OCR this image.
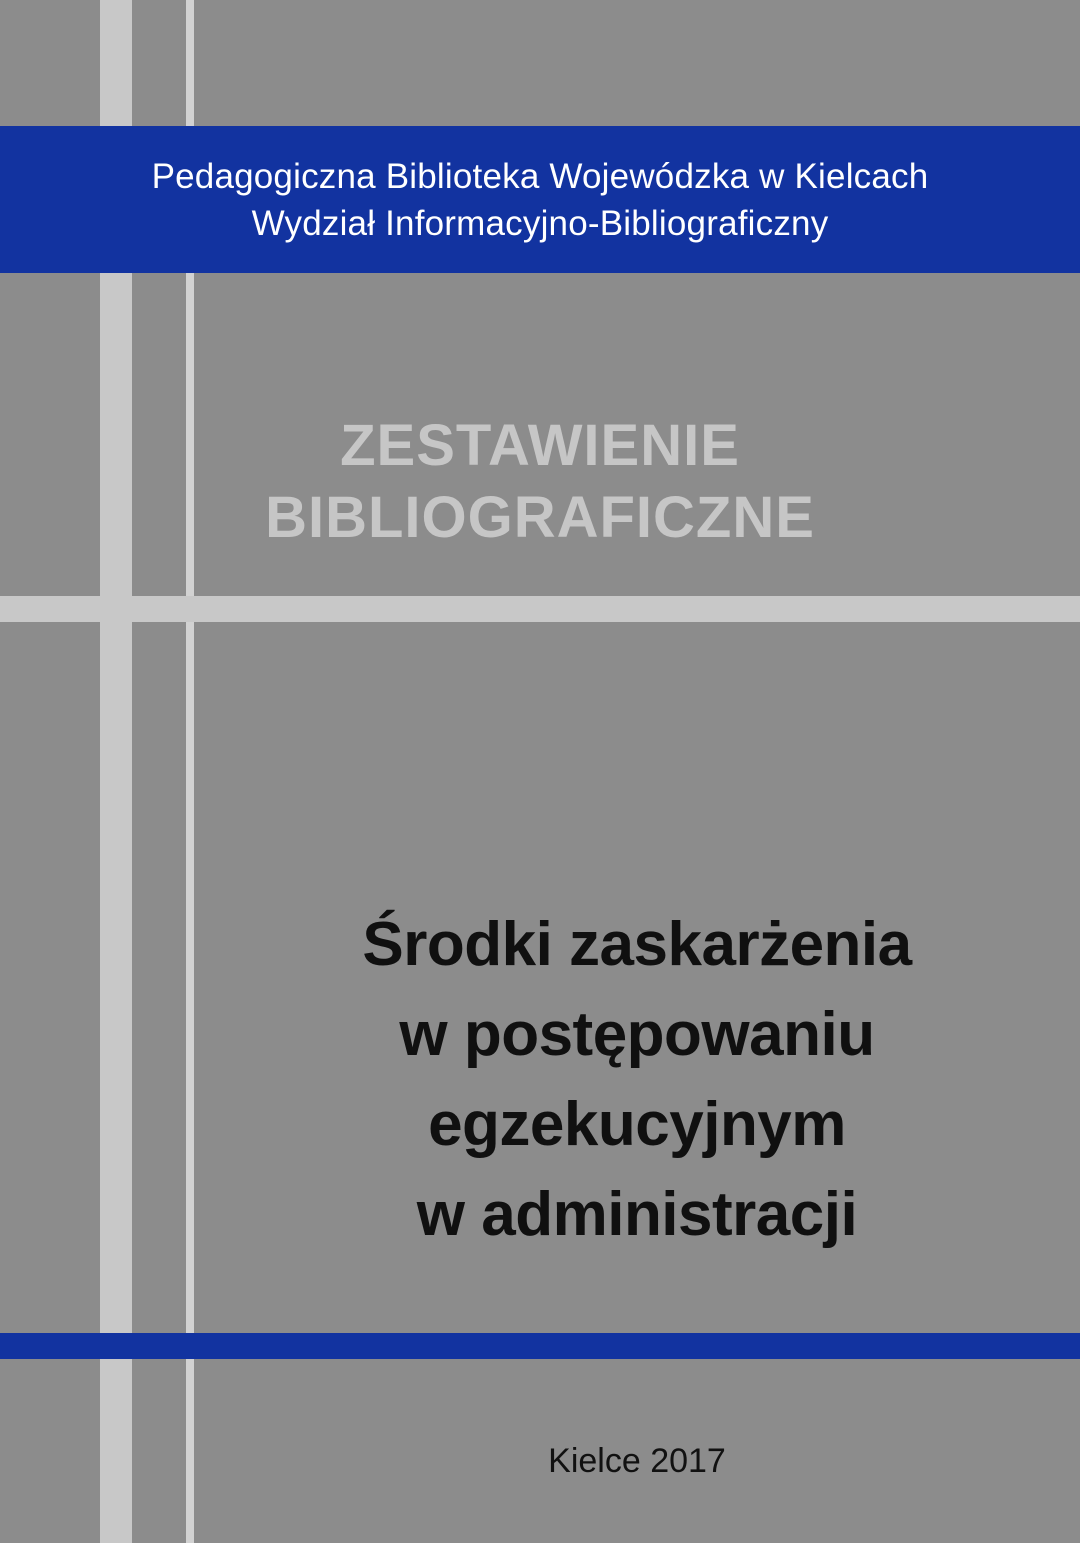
Pedagogiczna Biblioteka Wojewódzka w Kielcach
Wydział Informacyjno-Bibliograficzny
ZESTAWIENIE
BIBLIOGRAFICZNE
Środki zaskarżenia
w postępowaniu
egzekucyjnym
w administracji
Kielce 2017
